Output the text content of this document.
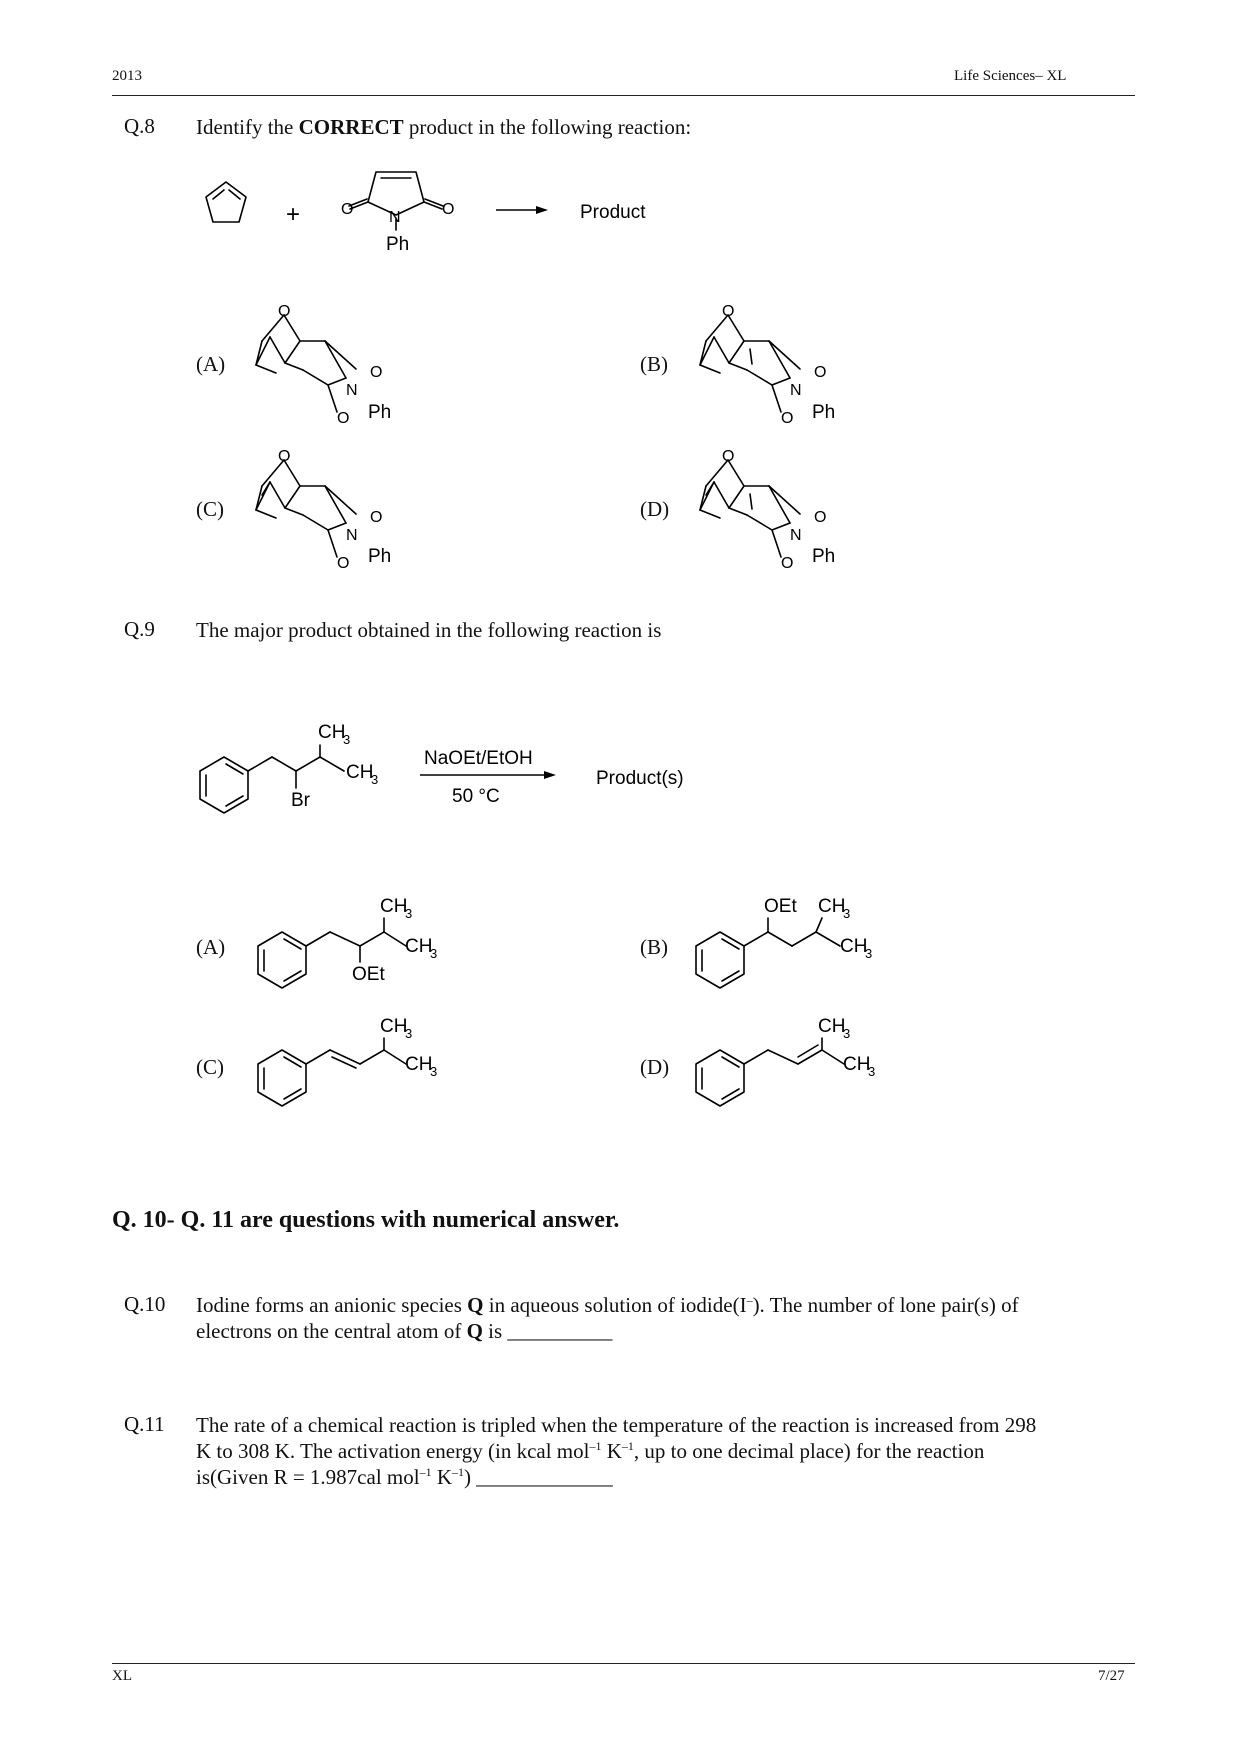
2013	Life Sciences– XL
Q.8 Identify the CORRECT product in the following reaction:
+	O	O
N
Ph
Product
O
O
N
O Ph
O
O
N
O Ph
O
O
N
O Ph
O
O
N
O Ph
CH
3
CH
3
Br
NaOEt/EtOH
50 °C
Product(s)
CH
3
CH
3
OEt
OEt CH
3
CH
3
CH
3
CH
3
CH
3
CH
3
(A)	(B)
(C)	(D)
Q.9 The major product obtained in the following reaction is
(A)	(B)
(C)	(D)
Q. 10- Q. 11 are questions with numerical answer.
Q.10 Iodine forms an anionic species Q in aqueous solution of iodide(I–). The number of lone pair(s) of
electrons on the central atom of Q is __________
Q.11 The rate of a chemical reaction is tripled when the temperature of the reaction is increased from 298
K to 308 K. The activation energy (in kcal mol$^{-1}$ $K^{-1}$, up to one decimal place) for the reaction
is(Given R = 1.987cal mol$^{-1}$ $K^{-1}$) _____________
XL	7/27
